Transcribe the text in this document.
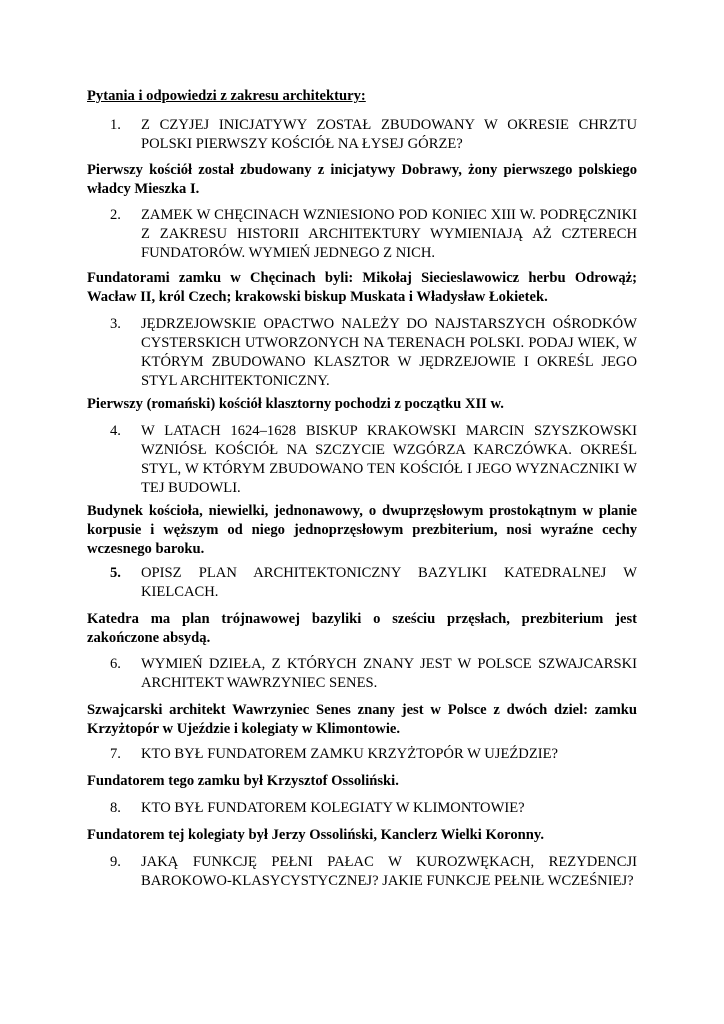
Pytania i odpowiedzi z zakresu architektury:
1.	Z CZYJEJ INICJATYWY ZOSTAŁ ZBUDOWANY W OKRESIE CHRZTU POLSKI PIERWSZY KOŚCIÓŁ NA ŁYSEJ GÓRZE?
Pierwszy kościół został zbudowany z inicjatywy Dobrawy, żony pierwszego polskiego władcy Mieszka I.
2.	ZAMEK W CHĘCINACH WZNIESIONO POD KONIEC XIII W. PODRĘCZNIKI Z ZAKRESU HISTORII ARCHITEKTURY WYMIENIAJĄ AŻ CZTERECH FUNDATORÓW. WYMIEŃ JEDNEGO Z NICH.
Fundatorami zamku w Chęcinach byli: Mikołaj Siecieslawowicz herbu Odrowąż; Wacław II, król Czech; krakowski biskup Muskata i Władysław Łokietek.
3.	JĘDRZEJOWSKIE OPACTWO NALEŻY DO NAJSTARSZYCH OŚRODKÓW CYSTERSKICH UTWORZONYCH NA TERENACH POLSKI. PODAJ WIEK, W KTÓRYM ZBUDOWANO KLASZTOR W JĘDRZEJOWIE I OKREŚL JEGO STYL ARCHITEKTONICZNY.
Pierwszy (romański) kościół klasztorny pochodzi z początku XII w.
4.	W LATACH 1624–1628 BISKUP KRAKOWSKI MARCIN SZYSZKOWSKI WZNIÓSŁ KOŚCIÓŁ NA SZCZYCIE WZGÓRZA KARCZÓWKA. OKREŚL STYL, W KTÓRYM ZBUDOWANO TEN KOŚCIÓŁ I JEGO WYZNACZNIKI W TEJ BUDOWLI.
Budynek kościoła, niewielki, jednonawowy, o dwuprzęsłowym prostokątnym w planie korpusie i węższym od niego jednoprzęsłowym prezbiterium, nosi wyraźne cechy wczesnego baroku.
5.	OPISZ PLAN ARCHITEKTONICZNY BAZYLIKI KATEDRALNEJ W KIELCACH.
Katedra ma plan trójnawowej bazyliki o sześciu przęsłach, prezbiterium jest zakończone absydą.
6.	WYMIEŃ DZIEŁA, Z KTÓRYCH ZNANY JEST W POLSCE SZWAJCARSKI ARCHITEKT WAWRZYNIEC SENES.
Szwajcarski architekt Wawrzyniec Senes znany jest w Polsce z dwóch dziel: zamku Krzyżtopór w Ujeździe i kolegiaty w Klimontowie.
7.	KTO BYŁ FUNDATOREM ZAMKU KRZYŻTOPÓR W UJEŹDZIE?
Fundatorem tego zamku był Krzysztof Ossoliński.
8.	KTO BYŁ FUNDATOREM KOLEGIATY W KLIMONTOWIE?
Fundatorem tej kolegiaty był Jerzy Ossoliński, Kanclerz Wielki Koronny.
9.	JAKĄ FUNKCJĘ PEŁNI PAŁAC W KUROZWĘKACH, REZYDENCJI BAROKOWO-KLASYCYSTYCZNEJ? JAKIE FUNKCJE PEŁNIŁ WCZEŚNIEJ?
